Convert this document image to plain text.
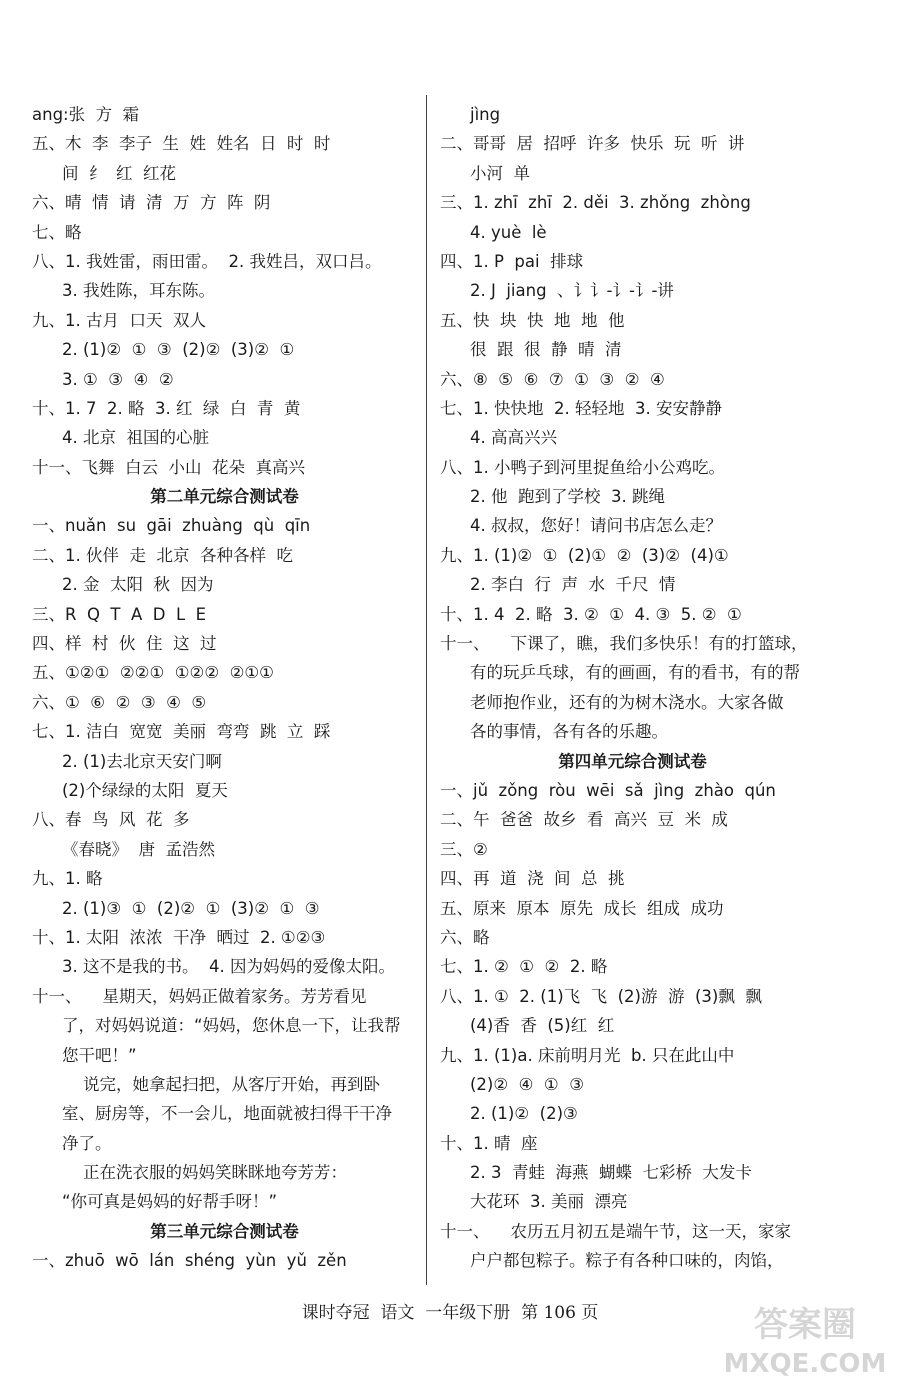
ang:张  方  霜
五、木  李  李子  生  姓  姓名  日  时  时
间  纟  红  红花
六、晴  情  请  清  万  方  阵  阴
七、略
八、1. 我姓雷，雨田雷。  2. 我姓吕，双口吕。
3. 我姓陈，耳东陈。
九、1. 古月  口天  双人
2. (1)②  ①  ③  (2)②  (3)②  ①
3. ①  ③  ④  ②
十、1. 7  2. 略  3. 红  绿  白  青  黄
4. 北京  祖国的心脏
十一、飞舞  白云  小山  花朵  真高兴
第二单元综合测试卷
一、nuǎn  su  gāi  zhuàng  qù  qīn
二、1. 伙伴  走  北京  各种各样  吃
2. 金  太阳  秋  因为
三、R  Q  T  A  D  L  E
四、样  村  伙  住  这  过
五、①②①  ②②①  ①②②  ②①①
六、①  ⑥  ②  ③  ④  ⑤
七、1. 洁白  宽宽  美丽  弯弯  跳  立  踩
2. (1)去北京天安门啊
(2)个绿绿的太阳  夏天
八、春  鸟  风  花  多
《春晓》  唐  孟浩然
九、1. 略
2. (1)③  ①  (2)②  ①  (3)②  ①  ③
十、1. 太阳  浓浓  干净  晒过  2. ①②③
3. 这不是我的书。  4. 因为妈妈的爱像太阳。
十一、    星期天，妈妈正做着家务。芳芳看见
了，对妈妈说道：“妈妈，您休息一下，让我帮
您干吧！”
说完，她拿起扫把，从客厅开始，再到卧
室、厨房等，不一会儿，地面就被扫得干干净
净了。
正在洗衣服的妈妈笑眯眯地夸芳芳：
“你可真是妈妈的好帮手呀！”
第三单元综合测试卷
一、zhuō  wō  lán  shéng  yùn  yǔ  zěn
jìng
二、哥哥  居  招呼  许多  快乐  玩  听  讲
小河  单
三、1. zhī  zhī  2. děi  3. zhǒng  zhòng
4. yuè  lè
四、1. P  pai  排球
2. J  jiang  、讠讠‐讠‐讠‐讲
五、快  块  快  地  地  他
很  跟  很  静  晴  清
六、⑧  ⑤  ⑥  ⑦  ①  ③  ②  ④
七、1. 快快地  2. 轻轻地  3. 安安静静
4. 高高兴兴
八、1. 小鸭子到河里捉鱼给小公鸡吃。
2. 他  跑到了学校  3. 跳绳
4. 叔叔，您好！请问书店怎么走？
九、1. (1)②  ①  (2)①  ②  (3)②  (4)①
2. 李白  行  声  水  千尺  情
十、1. 4  2. 略  3. ②  ①  4. ③  5. ②  ①
十一、    下课了，瞧，我们多快乐！有的打篮球，
有的玩乒乓球，有的画画，有的看书，有的帮
老师抱作业，还有的为树木浇水。大家各做
各的事情，各有各的乐趣。
第四单元综合测试卷
一、jǔ  zǒng  ròu  wēi  sǎ  jìng  zhào  qún
二、午  爸爸  故乡  看  高兴  豆  米  成
三、②
四、再  道  浇  间  总  挑
五、原来  原本  原先  成长  组成  成功
六、略
七、1. ②  ①  ②  2. 略
八、1. ①  2. (1)飞  飞  (2)游  游  (3)飘  飘
(4)香  香  (5)红  红
九、1. (1)a. 床前明月光  b. 只在此山中
(2)②  ④  ①  ③
2. (1)②  (2)③
十、1. 晴  座
2. 3  青蛙  海燕  蝴蝶  七彩桥  大发卡
大花环  3. 美丽  漂亮
十一、    农历五月初五是端午节，这一天，家家
户户都包粽子。粽子有各种口味的，肉馅，
课时夺冠  语文  一年级下册  第 106 页	答案圈
MXQE.COM
